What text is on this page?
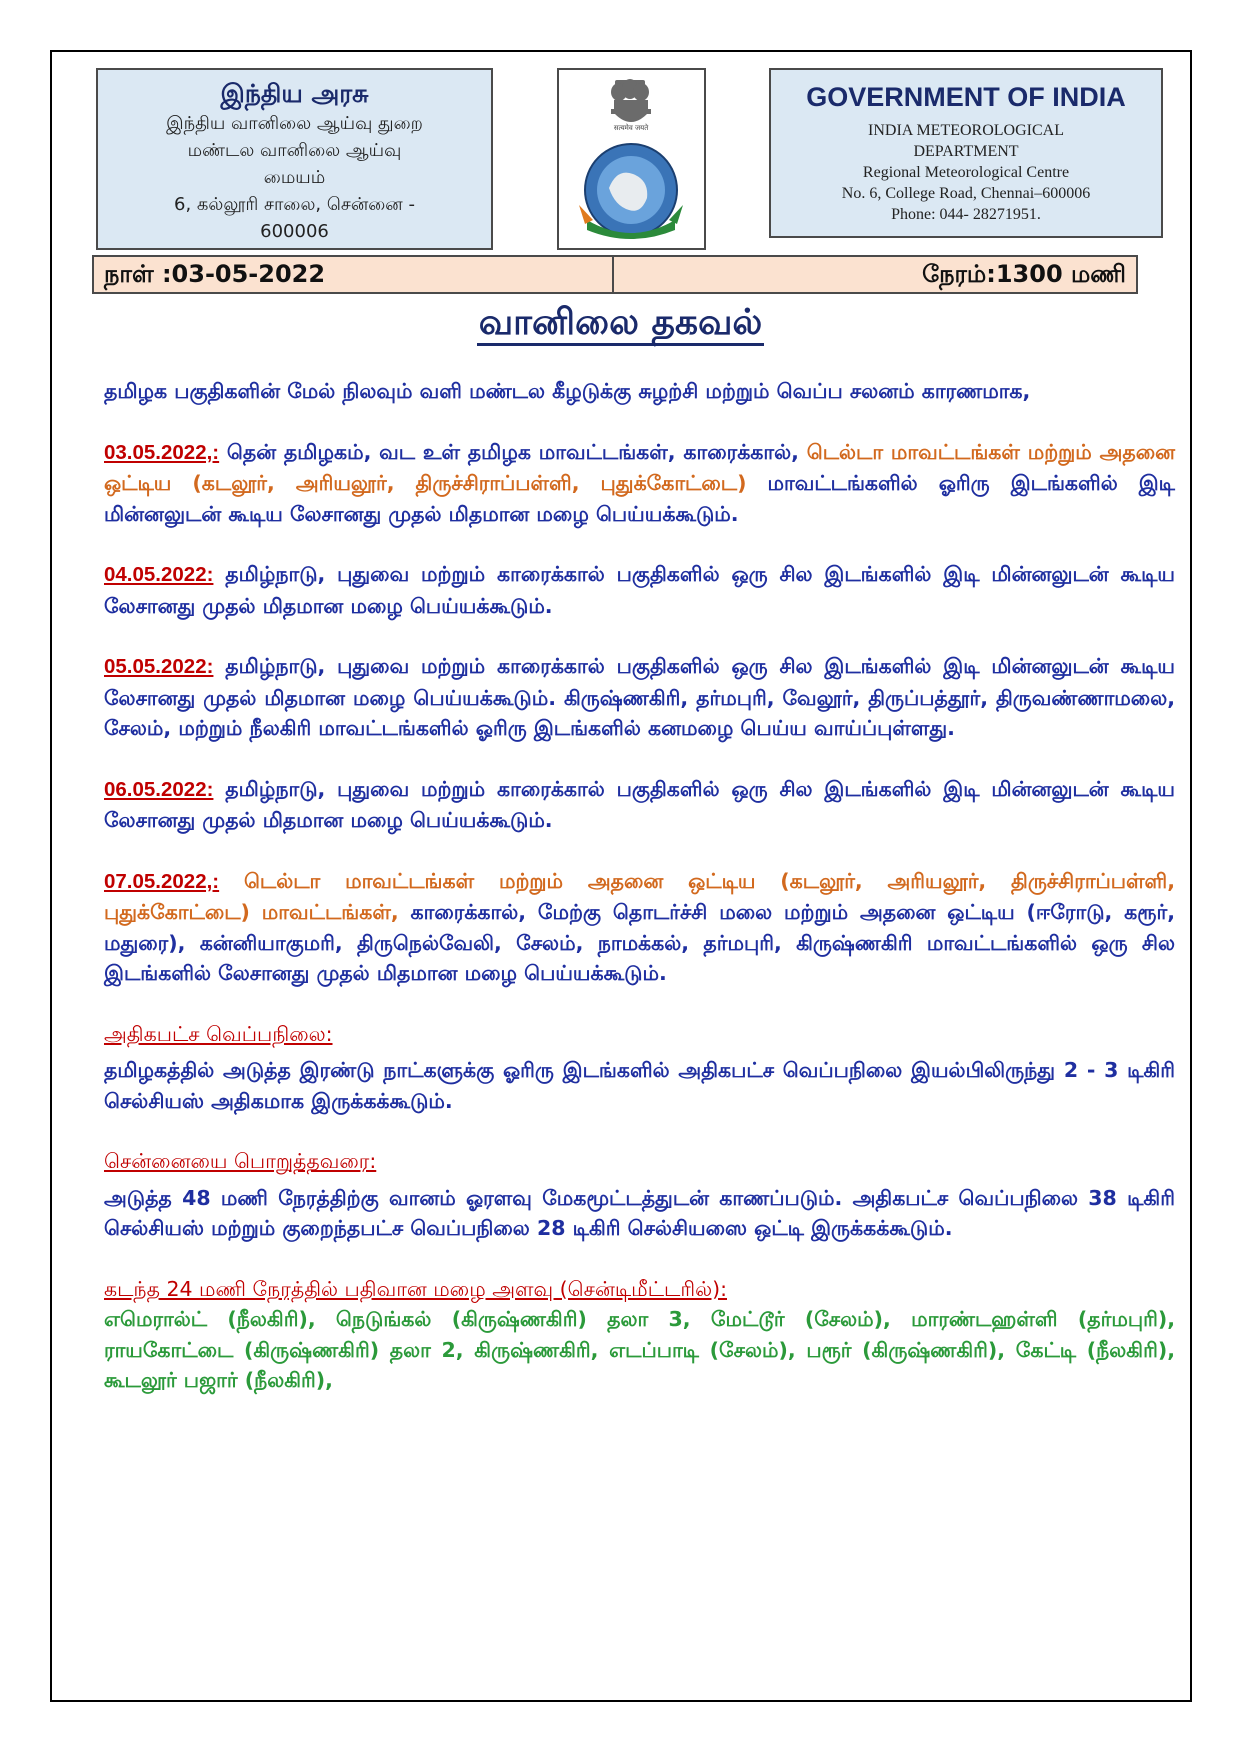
இந்திய அரசு
இந்திய வானிலை ஆய்வு துறை
மண்டல வானிலை ஆய்வு
மையம்
6, கல்லூரி சாலை, சென்னை -
600006
सत्यमेव जयते
GOVERNMENT OF INDIA
INDIA METEOROLOGICAL
DEPARTMENT
Regional Meteorological Centre
No. 6, College Road, Chennai–600006
Phone: 044- 28271951.
நாள் :03-05-2022	நேரம்:1300 மணி
வானிலை தகவல்

தமிழக பகுதிகளின் மேல் நிலவும் வளி மண்டல கீழடுக்கு சுழற்சி மற்றும் வெப்ப சலனம் காரணமாக,

03.05.2022,: தென் தமிழகம், வட உள் தமிழக மாவட்டங்கள், காரைக்கால், டெல்டா மாவட்டங்கள் மற்றும் அதனை ஒட்டிய (கடலூர், அரியலூர், திருச்சிராப்பள்ளி, புதுக்கோட்டை) மாவட்டங்களில் ஓரிரு இடங்களில் இடி மின்னலுடன் கூடிய லேசானது முதல் மிதமான மழை பெய்யக்கூடும்.

04.05.2022: தமிழ்நாடு, புதுவை மற்றும் காரைக்கால் பகுதிகளில் ஒரு சில இடங்களில் இடி மின்னலுடன் கூடிய லேசானது முதல் மிதமான மழை பெய்யக்கூடும்.

05.05.2022: தமிழ்நாடு, புதுவை மற்றும் காரைக்கால் பகுதிகளில் ஒரு சில இடங்களில் இடி மின்னலுடன் கூடிய லேசானது முதல் மிதமான மழை பெய்யக்கூடும். கிருஷ்ணகிரி, தர்மபுரி, வேலூர், திருப்பத்தூர், திருவண்ணாமலை, சேலம், மற்றும் நீலகிரி மாவட்டங்களில் ஓரிரு இடங்களில் கனமழை பெய்ய வாய்ப்புள்ளது.

06.05.2022: தமிழ்நாடு, புதுவை மற்றும் காரைக்கால் பகுதிகளில் ஒரு சில இடங்களில் இடி மின்னலுடன் கூடிய லேசானது முதல் மிதமான மழை பெய்யக்கூடும்.

07.05.2022,: டெல்டா மாவட்டங்கள் மற்றும் அதனை ஒட்டிய (கடலூர், அரியலூர், திருச்சிராப்பள்ளி, புதுக்கோட்டை) மாவட்டங்கள், காரைக்கால், மேற்கு தொடர்ச்சி மலை மற்றும் அதனை ஒட்டிய (ஈரோடு, கரூர், மதுரை), கன்னியாகுமரி, திருநெல்வேலி, சேலம், நாமக்கல், தர்மபுரி, கிருஷ்ணகிரி மாவட்டங்களில் ஒரு சில இடங்களில் லேசானது முதல் மிதமான மழை பெய்யக்கூடும்.

அதிகபட்ச வெப்பநிலை:

தமிழகத்தில் அடுத்த இரண்டு நாட்களுக்கு ஓரிரு இடங்களில் அதிகபட்ச வெப்பநிலை இயல்பிலிருந்து 2 - 3 டிகிரி செல்சியஸ் அதிகமாக இருக்கக்கூடும்.

சென்னையை பொறுத்தவரை:

அடுத்த 48 மணி நேரத்திற்கு வானம் ஓரளவு மேகமூட்டத்துடன் காணப்படும். அதிகபட்ச வெப்பநிலை 38 டிகிரி செல்சியஸ் மற்றும் குறைந்தபட்ச வெப்பநிலை 28 டிகிரி செல்சியஸை ஒட்டி இருக்கக்கூடும்.

கடந்த 24 மணி நேரத்தில் பதிவான மழை அளவு (சென்டிமீட்டரில்):

எமெரால்ட் (நீலகிரி), நெடுங்கல் (கிருஷ்ணகிரி) தலா 3, மேட்டூர் (சேலம்), மாரண்டஹள்ளி (தர்மபுரி), ராயகோட்டை (கிருஷ்ணகிரி) தலா 2, கிருஷ்ணகிரி, எடப்பாடி (சேலம்), பரூர் (கிருஷ்ணகிரி), கேட்டி (நீலகிரி), கூடலூர் பஜார் (நீலகிரி),
